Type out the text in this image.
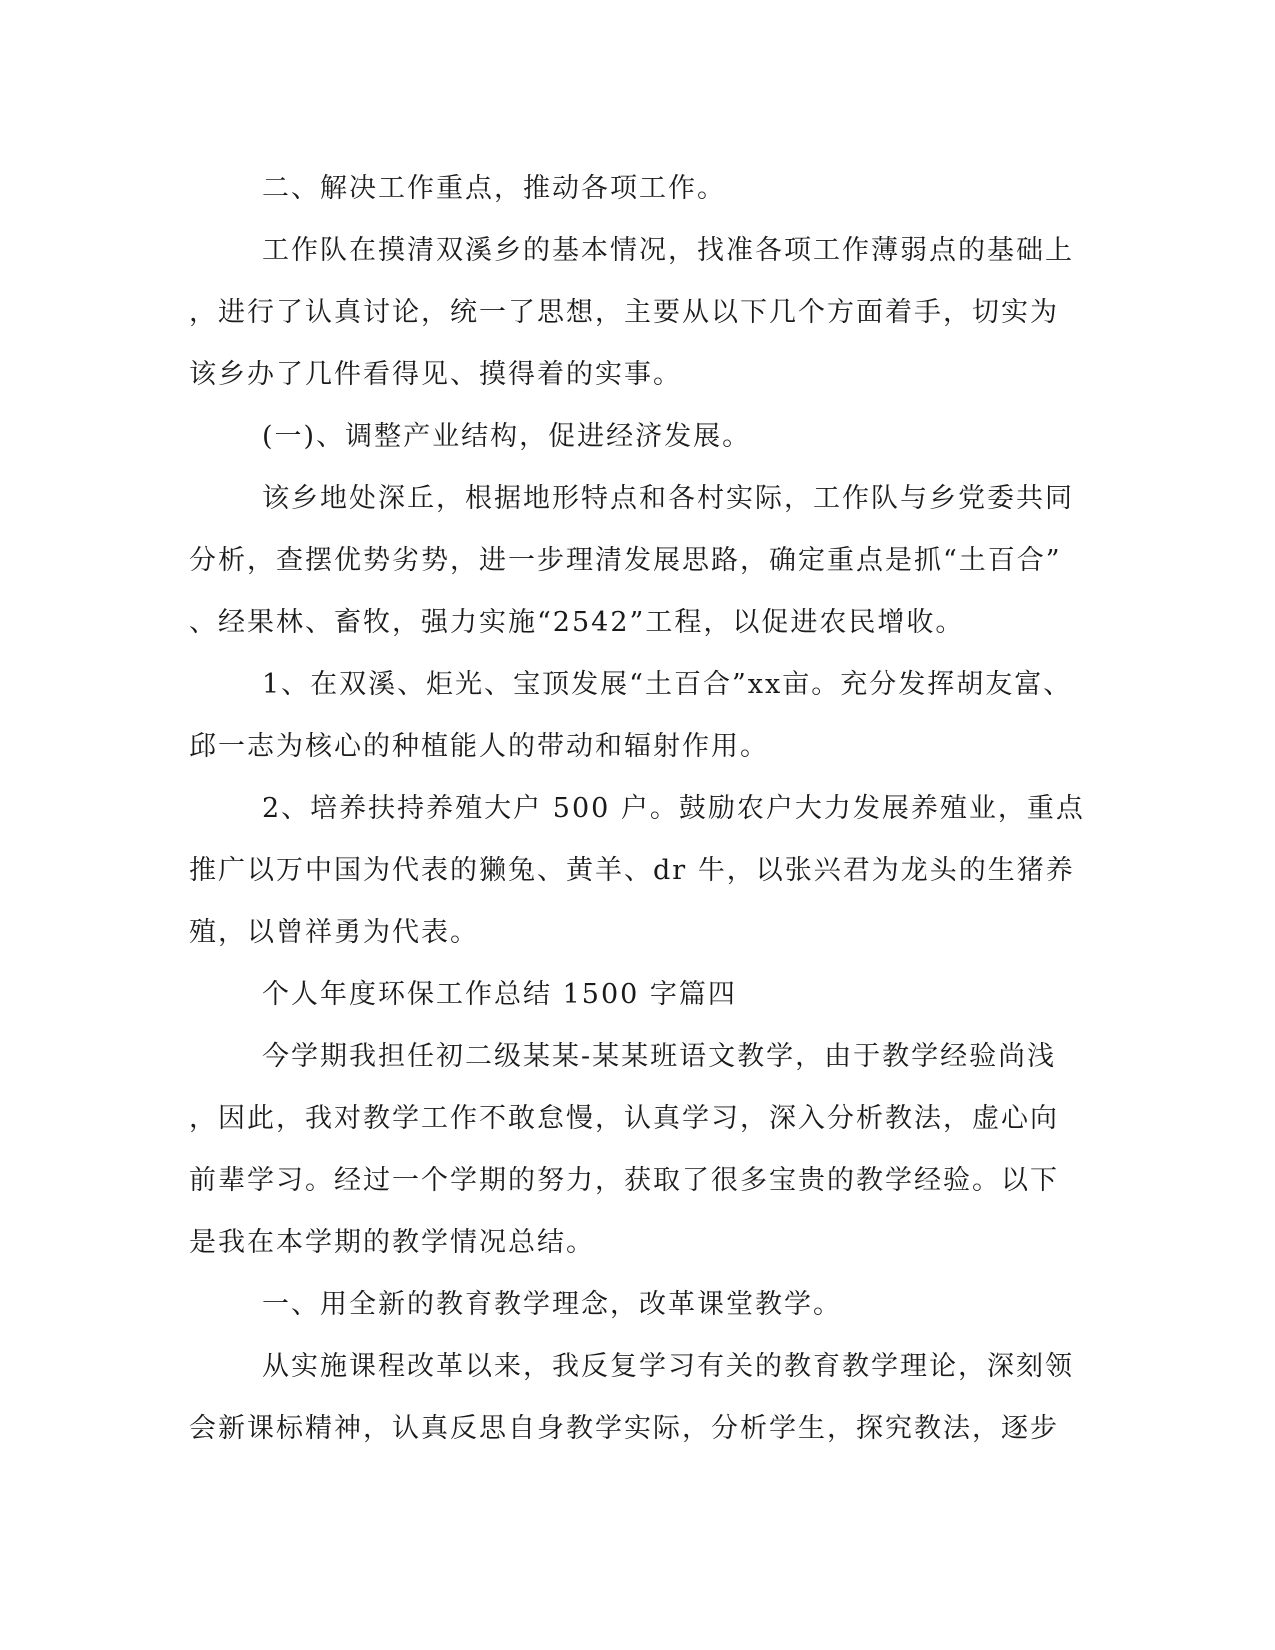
二、解决工作重点，推动各项工作。
工作队在摸清双溪乡的基本情况，找准各项工作薄弱点的基础上
，进行了认真讨论，统一了思想，主要从以下几个方面着手，切实为
该乡办了几件看得见、摸得着的实事。
(一)、调整产业结构，促进经济发展。
该乡地处深丘，根据地形特点和各村实际，工作队与乡党委共同
分析，查摆优势劣势，进一步理清发展思路，确定重点是抓“土百合”
、经果林、畜牧，强力实施“2542”工程，以促进农民增收。
1、在双溪、炬光、宝顶发展“土百合”xx亩。充分发挥胡友富、
邱一志为核心的种植能人的带动和辐射作用。
2、培养扶持养殖大户 500 户。鼓励农户大力发展养殖业，重点
推广以万中国为代表的獭兔、黄羊、dr 牛，以张兴君为龙头的生猪养
殖，以曾祥勇为代表。
个人年度环保工作总结 1500 字篇四
今学期我担任初二级某某-某某班语文教学，由于教学经验尚浅
，因此，我对教学工作不敢怠慢，认真学习，深入分析教法，虚心向
前辈学习。经过一个学期的努力，获取了很多宝贵的教学经验。以下
是我在本学期的教学情况总结。
一、用全新的教育教学理念，改革课堂教学。
从实施课程改革以来，我反复学习有关的教育教学理论，深刻领
会新课标精神，认真反思自身教学实际，分析学生，探究教法，逐步
